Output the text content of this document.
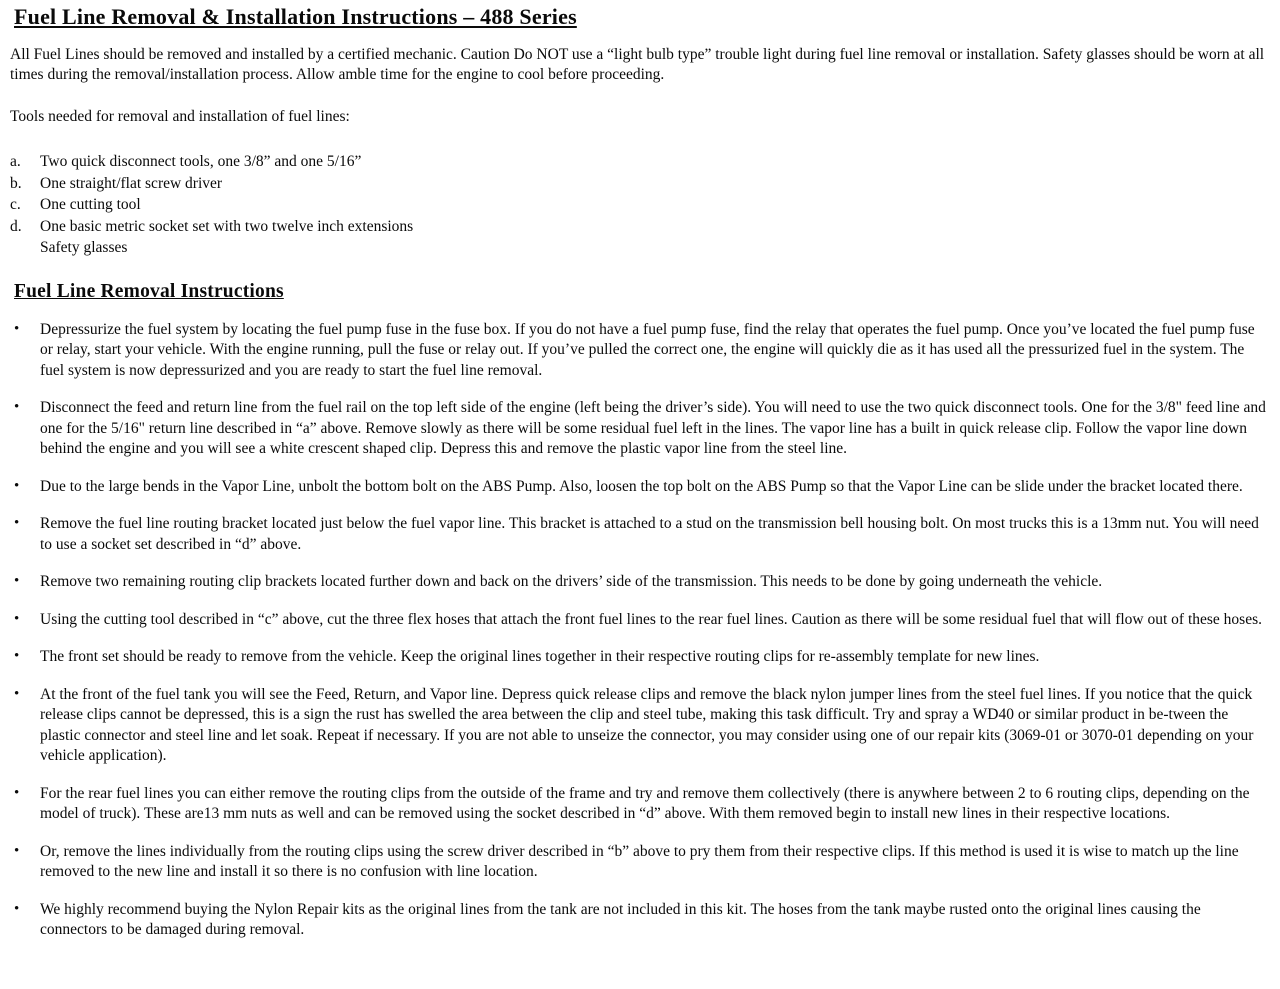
Fuel Line Removal & Installation Instructions – 488 Series

All Fuel Lines should be removed and installed by a certified mechanic. Caution Do NOT use a “light bulb type” trouble light during fuel line removal or installation. Safety glasses should be worn at all times during the removal/installation process. Allow amble time for the engine to cool before proceeding.

Tools needed for removal and installation of fuel lines:

a. Two quick disconnect tools, one 3/8” and one 5/16”
b. One straight/flat screw driver
c. One cutting tool
d. One basic metric socket set with two twelve inch extensions
Safety glasses
Fuel Line Removal Instructions
• Depressurize the fuel system by locating the fuel pump fuse in the fuse box. If you do not have a fuel pump fuse, find the relay that operates the fuel pump. Once you’ve located the fuel pump fuse or relay, start your vehicle. With the engine running, pull the fuse or relay out. If you’ve pulled the correct one, the engine will quickly die as it has used all the pressurized fuel in the system. The fuel system is now depressurized and you are ready to start the fuel line removal.
• Disconnect the feed and return line from the fuel rail on the top left side of the engine (left being the driver’s side). You will need to use the two quick disconnect tools. One for the 3/8" feed line and one for the 5/16" return line described in “a” above. Remove slowly as there will be some residual fuel left in the lines. The vapor line has a built in quick release clip. Follow the vapor line down behind the engine and you will see a white crescent shaped clip. Depress this and remove the plastic vapor line from the steel line.
• Due to the large bends in the Vapor Line, unbolt the bottom bolt on the ABS Pump. Also, loosen the top bolt on the ABS Pump so that the Vapor Line can be slide under the bracket located there.
• Remove the fuel line routing bracket located just below the fuel vapor line. This bracket is attached to a stud on the transmission bell housing bolt. On most trucks this is a 13mm nut. You will need to use a socket set described in “d” above.
• Remove two remaining routing clip brackets located further down and back on the drivers’ side of the transmission. This needs to be done by going underneath the vehicle.
• Using the cutting tool described in “c” above, cut the three flex hoses that attach the front fuel lines to the rear fuel lines. Caution as there will be some residual fuel that will flow out of these hoses.
• The front set should be ready to remove from the vehicle. Keep the original lines together in their respective routing clips for re-assembly template for new lines.
• At the front of the fuel tank you will see the Feed, Return, and Vapor line. Depress quick release clips and remove the black nylon jumper lines from the steel fuel lines. If you notice that the quick release clips cannot be depressed, this is a sign the rust has swelled the area between the clip and steel tube, making this task difficult. Try and spray a WD40 or similar product in be-tween the plastic connector and steel line and let soak. Repeat if necessary. If you are not able to unseize the connector, you may consider using one of our repair kits (3069-01 or 3070-01 depending on your vehicle application).
• For the rear fuel lines you can either remove the routing clips from the outside of the frame and try and remove them collectively (there is anywhere between 2 to 6 routing clips, depending on the model of truck). These are13 mm nuts as well and can be removed using the socket described in “d” above. With them removed begin to install new lines in their respective locations.
• Or, remove the lines individually from the routing clips using the screw driver described in “b” above to pry them from their respective clips. If this method is used it is wise to match up the line removed to the new line and install it so there is no confusion with line location.
• We highly recommend buying the Nylon Repair kits as the original lines from the tank are not included in this kit. The hoses from the tank maybe rusted onto the original lines causing the connectors to be damaged during removal.
